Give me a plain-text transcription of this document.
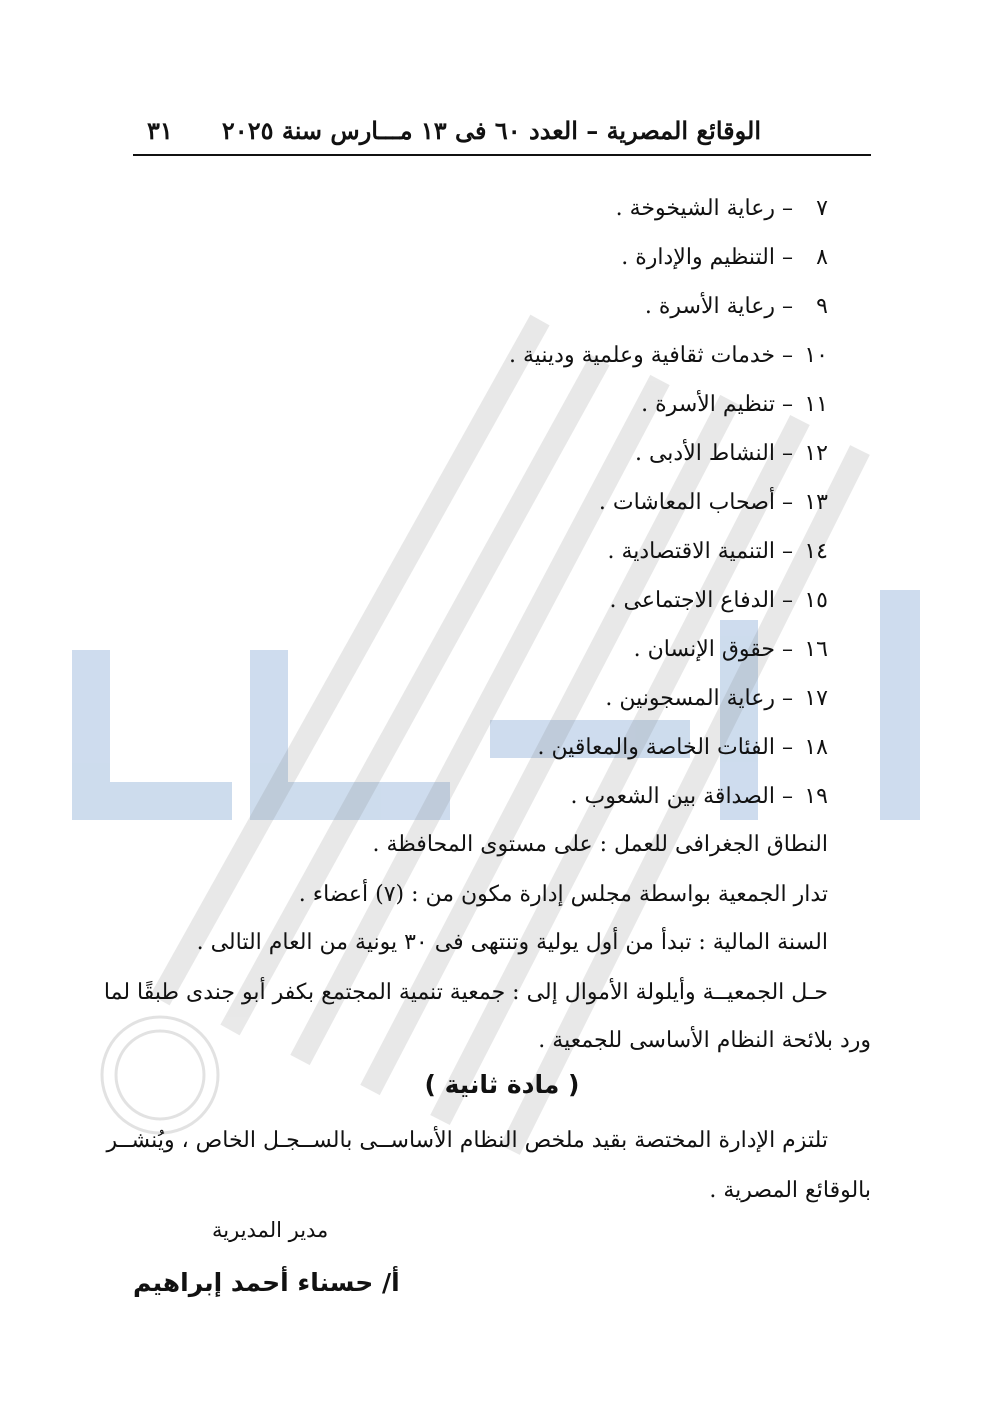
الوقائع المصرية – العدد ٦٠ فى ١٣ مـــارس سنة ٢٠٢٥
٣١
٧ – رعاية الشيخوخة .
٨ – التنظيم والإدارة .
٩ – رعاية الأسرة .
١٠ – خدمات ثقافية وعلمية ودينية .
١١ – تنظيم الأسرة .
١٢ – النشاط الأدبى .
١٣ – أصحاب المعاشات .
١٤ – التنمية الاقتصادية .
١٥ – الدفاع الاجتماعى .
١٦ – حقوق الإنسان .
١٧ – رعاية المسجونين .
١٨ – الفئات الخاصة والمعاقين .
١٩ – الصداقة بين الشعوب .
النطاق الجغرافى للعمل : على مستوى المحافظة .
تدار الجمعية بواسطة مجلس إدارة مكون من : (٧) أعضاء .
السنة المالية : تبدأ من أول يولية وتنتهى فى ٣٠ يونية من العام التالى .
حـل الجمعيــة وأيلولة الأموال إلى : جمعية تنمية المجتمع بكفر أبو جندى طبقًا لما
ورد بلائحة النظام الأساسى للجمعية .
( مادة ثانية )
تلتزم الإدارة المختصة بقيد ملخص النظام الأساســى بالســجـل الخاص ، ويُنشــر
بالوقائع المصرية .
مدير المديرية
أ/ حسناء أحمد إبراهيم
